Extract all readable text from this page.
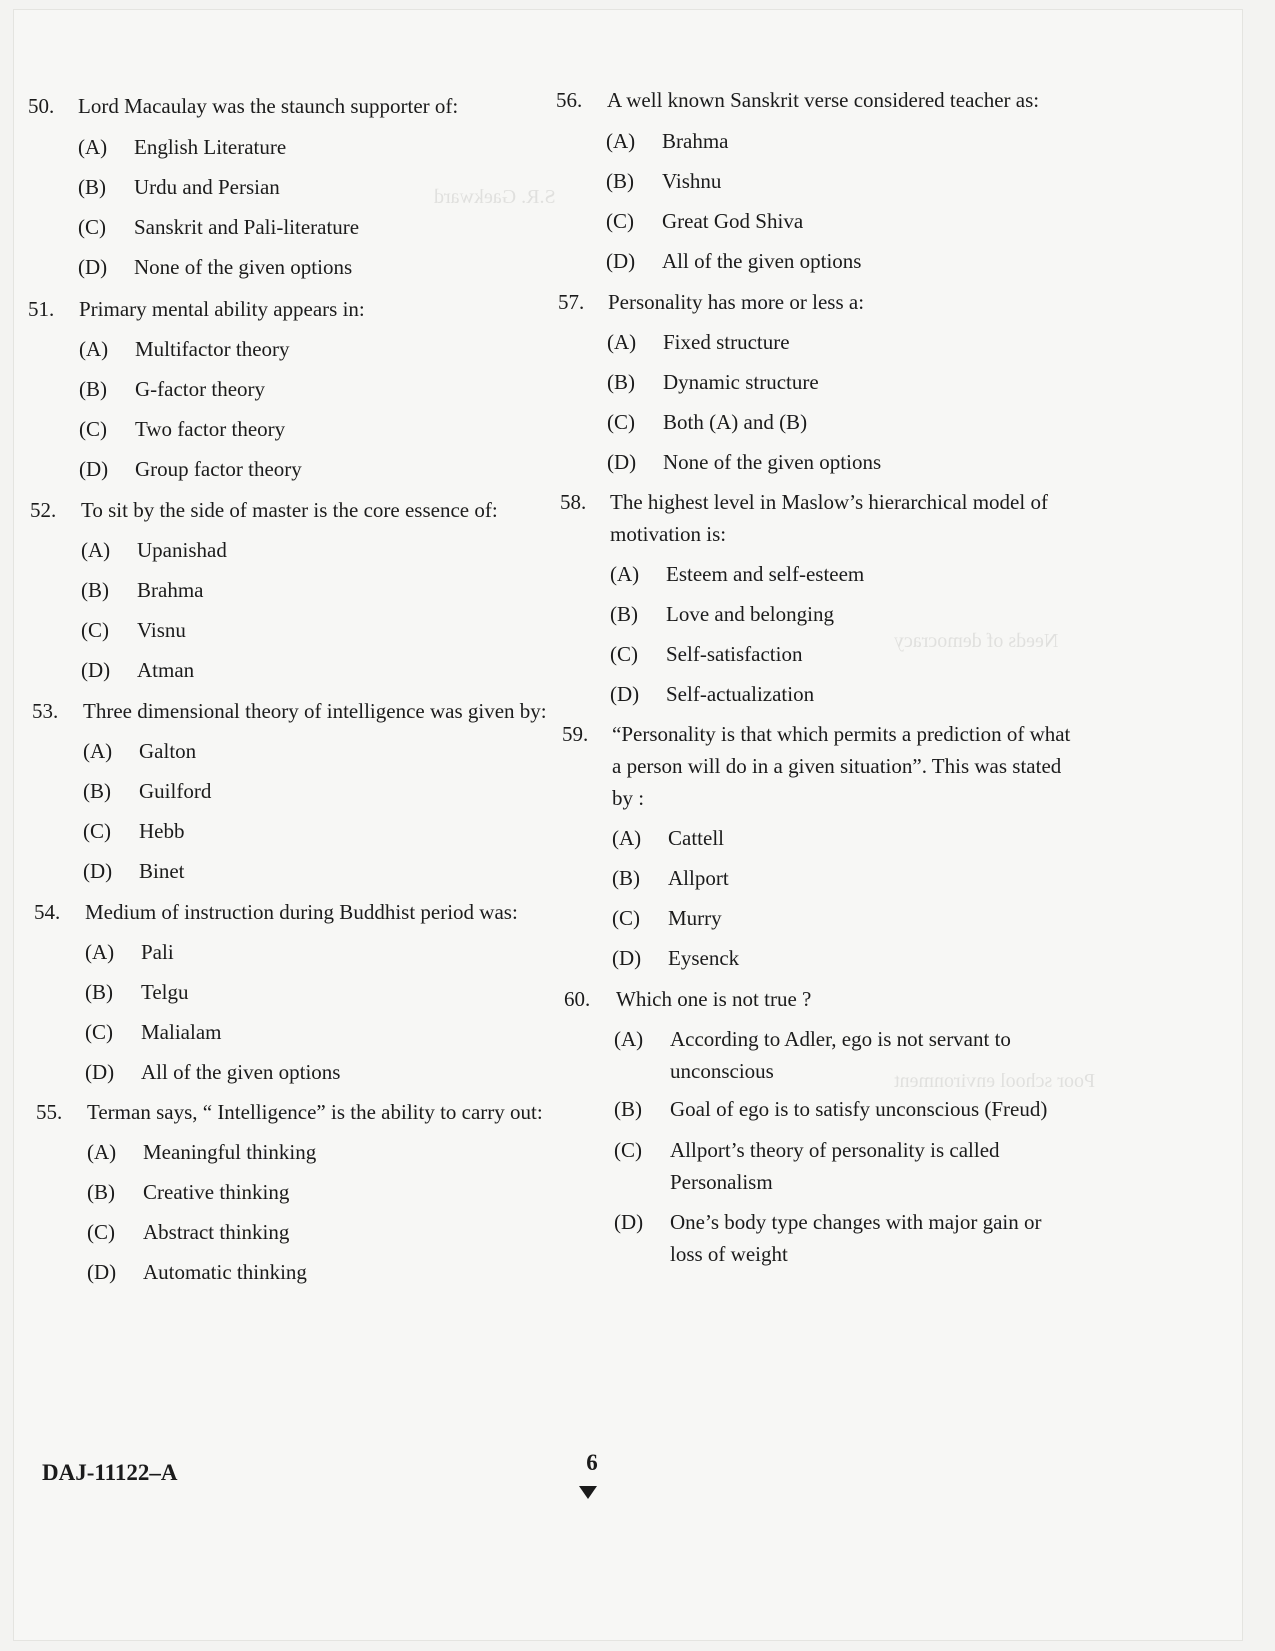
S.R. Gaekward
Needs of democracy
Poor school environment
50.	Lord Macaulay was the staunch supporter of:
(A) English Literature
(B) Urdu and Persian
(C) Sanskrit and Pali-literature
(D) None of the given options
51.	Primary mental ability appears in:
(A) Multifactor theory
(B) G-factor theory
(C) Two factor theory
(D) Group factor theory
52.	To sit by the side of master is the core essence of:
(A) Upanishad
(B) Brahma
(C) Visnu
(D) Atman
53.	Three dimensional theory of intelligence was given by:
(A) Galton
(B) Guilford
(C) Hebb
(D) Binet
54.	Medium of instruction during Buddhist period was:
(A) Pali
(B) Telgu
(C) Malialam
(D) All of the given options
55.	Terman says, “ Intelligence” is the ability to carry out:
(A) Meaningful thinking
(B) Creative thinking
(C) Abstract thinking
(D) Automatic thinking
56.	A well known Sanskrit verse considered teacher as:
(A) Brahma
(B) Vishnu
(C) Great God Shiva
(D) All of the given options
57.	Personality has more or less a:
(A) Fixed structure
(B) Dynamic structure
(C) Both (A) and (B)
(D) None of the given options
58.	The highest level in Maslow’s hierarchical model of
motivation is:
(A) Esteem and self-esteem
(B) Love and belonging
(C) Self-satisfaction
(D) Self-actualization
59.	“Personality is that which permits a prediction of what
a person will do in a given situation”. This was stated
by :
(A) Cattell
(B) Allport
(C) Murry
(D) Eysenck
60.	Which one is not true ?
(A) According to Adler, ego is not servant to
unconscious
(B) Goal of ego is to satisfy unconscious (Freud)
(C) Allport’s theory of personality is called
Personalism
(D) One’s body type changes with major gain or
loss of weight
DAJ-11122–A	6
